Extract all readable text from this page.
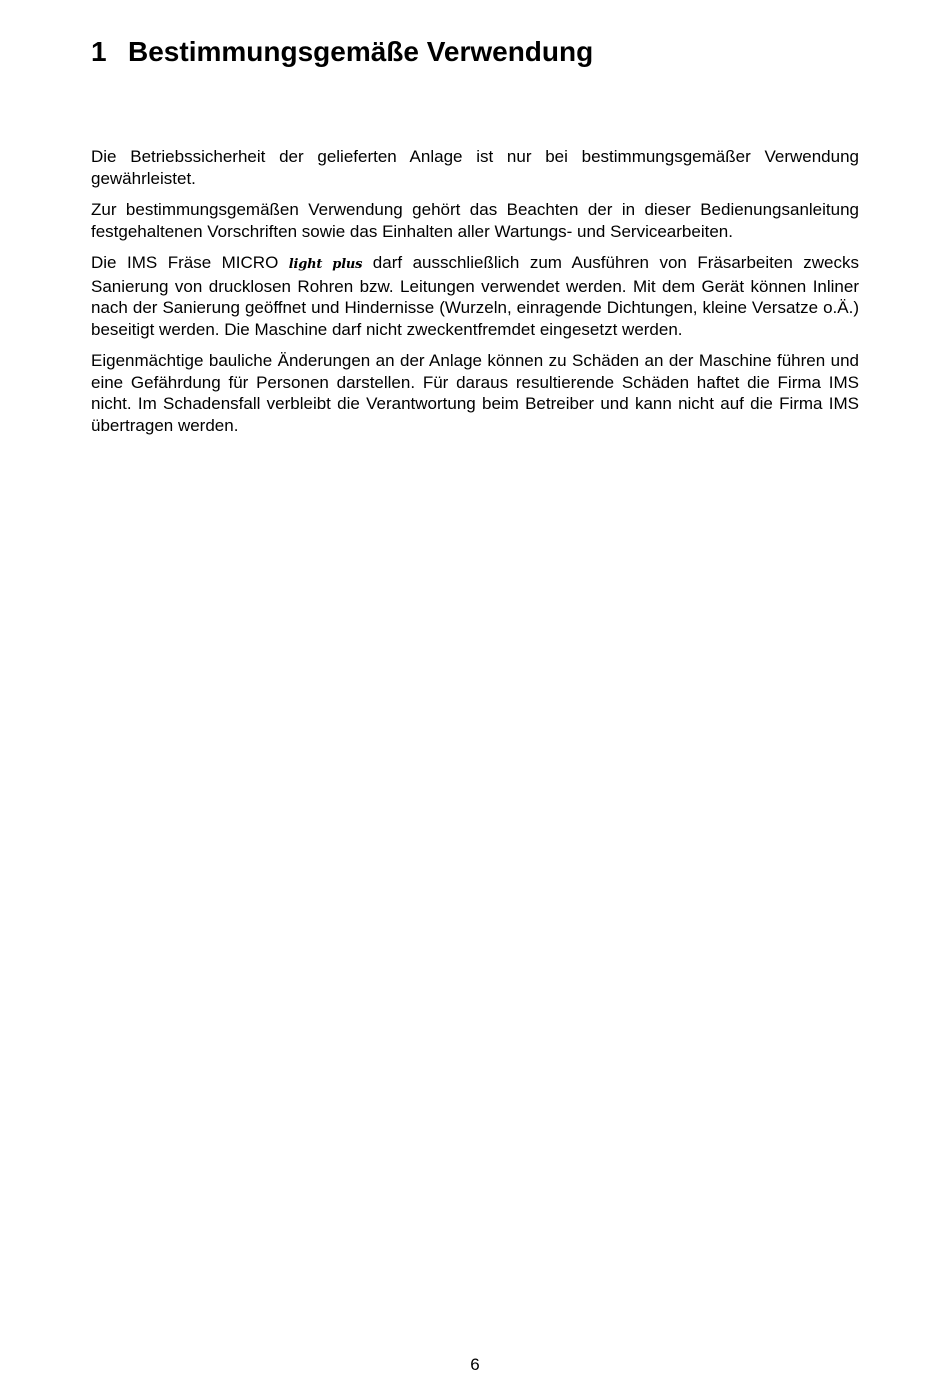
1 Bestimmungsgemäße Verwendung

Die Betriebssicherheit der gelieferten Anlage ist nur bei bestimmungsgemäßer Verwendung gewährleistet.

Zur bestimmungsgemäßen Verwendung gehört das Beachten der in dieser Bedienungsanleitung festgehaltenen Vorschriften sowie das Einhalten aller Wartungs- und Servicearbeiten.

Die IMS Fräse MICRO light plus darf ausschließlich zum Ausführen von Fräsarbeiten zwecks Sanierung von drucklosen Rohren bzw. Leitungen verwendet werden. Mit dem Gerät können Inliner nach der Sanierung geöffnet und Hindernisse (Wurzeln, einragende Dichtungen, kleine Versatze o.Ä.) beseitigt werden. Die Maschine darf nicht zweckentfremdet eingesetzt werden.

Eigenmächtige bauliche Änderungen an der Anlage können zu Schäden an der Maschine führen und eine Gefährdung für Personen darstellen. Für daraus resultierende Schäden haftet die Firma IMS nicht. Im Schadensfall verbleibt die Verantwortung beim Betreiber und kann nicht auf die Firma IMS übertragen werden.

6
